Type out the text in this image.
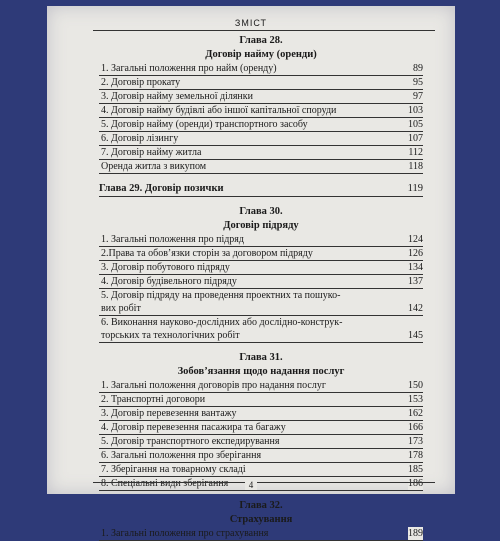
ЗМІСТ
Глава 28.
Договір найму (оренди)
1. Загальні положення про найм (оренду)	89
2. Договір прокату	95
3. Договір найму земельної ділянки	97
4. Договір найму будівлі або іншої капітальної споруди	103
5. Договір найму (оренди) транспортного засобу	105
6. Договір лізингу	107
7. Договір найму житла	112
Оренда житла з викупом	118
Глава 29. Договір позички	119
Глава 30.
Договір підряду
1. Загальні положення про підряд	124
2.Права та обов’язки сторін за договором підряду	126
3. Договір побутового підряду	134
4. Договір будівельного підряду	137
5. Договір підряду на проведення проектних та пошуко-
вих робіт	142
6. Виконання науково-дослідних або дослідно-конструк-
торських та технологічних робіт	145
Глава 31.
Зобов’язання щодо надання послуг
1. Загальні положення договорів про надання послуг	150
2. Транспортні договори	153
3. Договір перевезення вантажу	162
4. Договір перевезення пасажира та багажу	166
5. Договір транспортного експедирування	173
6. Загальні положення про зберігання	178
7. Зберігання на товарному складі	185
8. Спеціальні види зберігання	186
Глава 32.
Страхування
1. Загальні положення про страхування	189
4
